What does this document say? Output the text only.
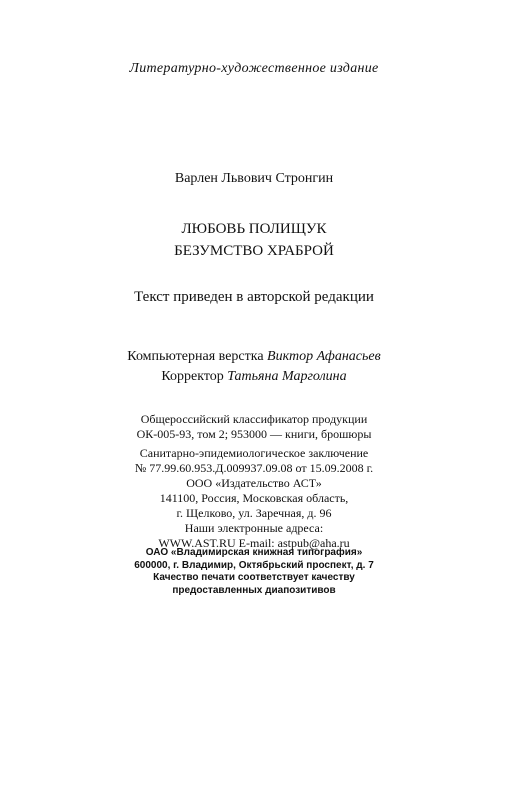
Литературно-художественное издание
Варлен Львович Стронгин
ЛЮБОВЬ ПОЛИЩУК
БЕЗУМСТВО ХРАБРОЙ
Текст приведен в авторской редакции
Компьютерная верстка Виктор Афанасьев
Корректор Татьяна Марголина
Общероссийский классификатор продукции
ОК-005-93, том 2; 953000 — книги, брошюры
Санитарно-эпидемиологическое заключение
№ 77.99.60.953.Д.009937.09.08 от 15.09.2008 г.
ООО «Издательство АСТ»
141100, Россия, Московская область,
г. Щелково, ул. Заречная, д. 96
Наши электронные адреса:
WWW.AST.RU E-mail: astpub@aha.ru
ОАО «Владимирская книжная типография»
600000, г. Владимир, Октябрьский проспект, д. 7
Качество печати соответствует качеству
предоставленных диапозитивов
